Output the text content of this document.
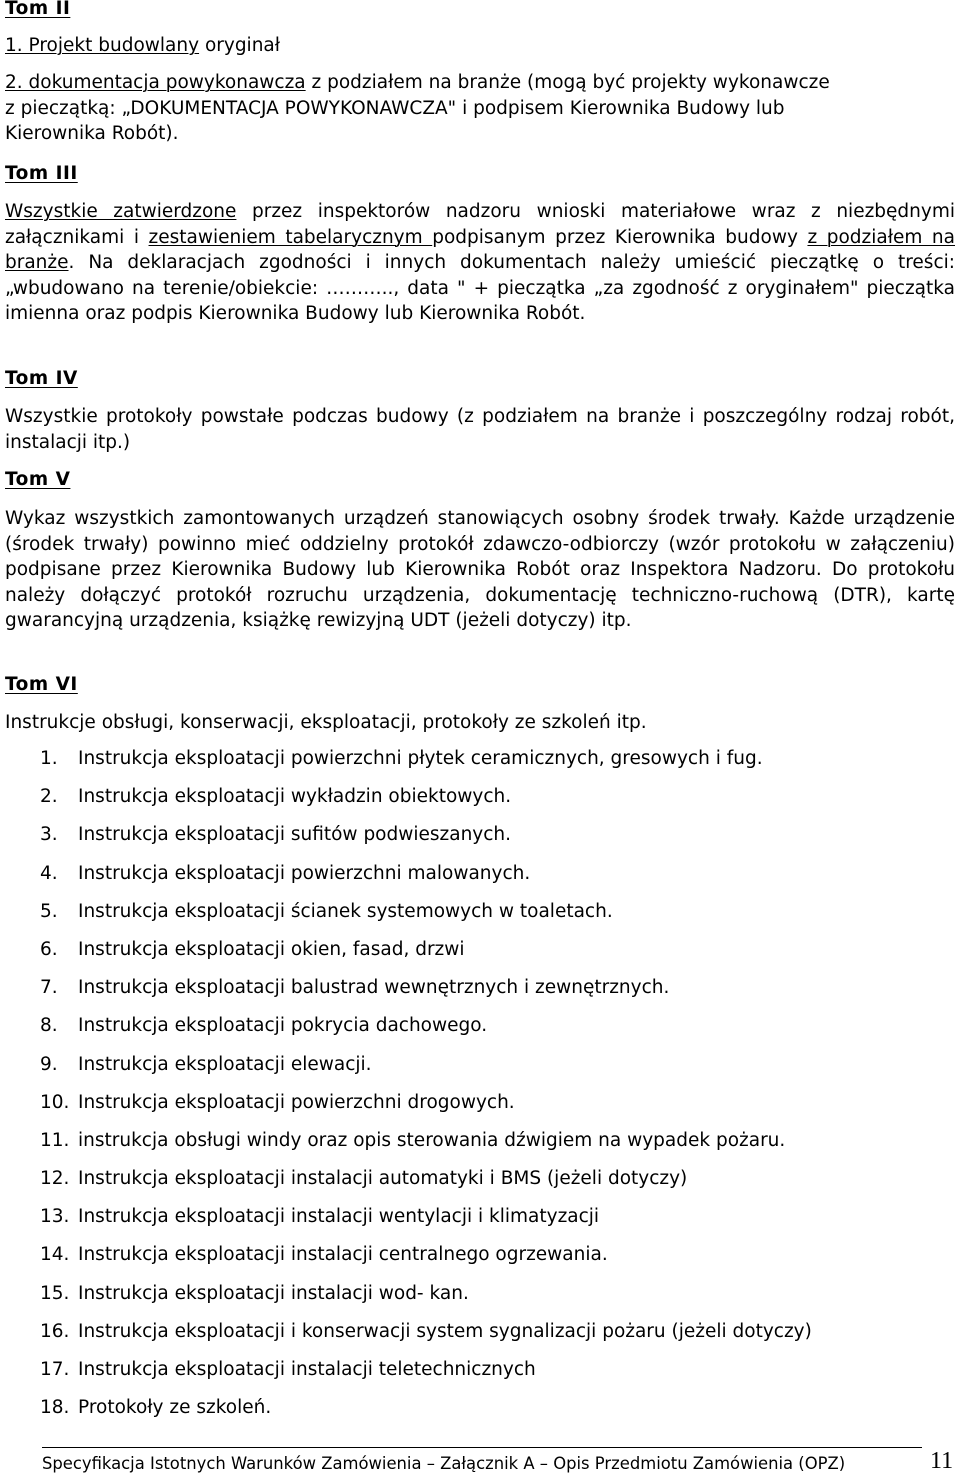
Tom II
1. Projekt budowlany oryginał
2. dokumentacja powykonawcza z podziałem na branże (mogą być projekty wykonawcze
z pieczątką: „DOKUMENTACJA POWYKONAWCZA" i podpisem Kierownika Budowy lub
Kierownika Robót).
Tom III

Wszystkie zatwierdzone przez inspektorów nadzoru wnioski materiałowe wraz z niezbędnymi załącznikami i zestawieniem tabelarycznym podpisanym przez Kierownika budowy z podziałem na branże. Na deklaracjach zgodności i innych dokumentach należy umieścić pieczątkę o treści: „wbudowano na terenie/obiekcie: ……….., data " + pieczątka „za zgodność z oryginałem" pieczątka imienna oraz podpis Kierownika Budowy lub Kierownika Robót.

Tom IV

Wszystkie protokoły powstałe podczas budowy (z podziałem na branże i poszczególny rodzaj robót, instalacji itp.)

Tom V

Wykaz wszystkich zamontowanych urządzeń stanowiących osobny środek trwały. Każde urządzenie (środek trwały) powinno mieć oddzielny protokół zdawczo-odbiorczy (wzór protokołu w załączeniu) podpisane przez Kierownika Budowy lub Kierownika Robót oraz Inspektora Nadzoru. Do protokołu należy dołączyć protokół rozruchu urządzenia, dokumentację techniczno-ruchową (DTR), kartę gwarancyjną urządzenia, książkę rewizyjną UDT (jeżeli dotyczy) itp.

Tom VI
Instrukcje obsługi, konserwacji, eksploatacji, protokoły ze szkoleń itp.
1. Instrukcja eksploatacji powierzchni płytek ceramicznych, gresowych i fug.
2. Instrukcja eksploatacji wykładzin obiektowych.
3. Instrukcja eksploatacji sufitów podwieszanych.
4. Instrukcja eksploatacji powierzchni malowanych.
5. Instrukcja eksploatacji ścianek systemowych w toaletach.
6. Instrukcja eksploatacji okien, fasad, drzwi
7. Instrukcja eksploatacji balustrad wewnętrznych i zewnętrznych.
8. Instrukcja eksploatacji pokrycia dachowego.
9. Instrukcja eksploatacji elewacji.
10. Instrukcja eksploatacji powierzchni drogowych.
11. instrukcja obsługi windy oraz opis sterowania dźwigiem na wypadek pożaru.
12. Instrukcja eksploatacji instalacji automatyki i BMS (jeżeli dotyczy)
13. Instrukcja eksploatacji instalacji wentylacji i klimatyzacji
14. Instrukcja eksploatacji instalacji centralnego ogrzewania.
15. Instrukcja eksploatacji instalacji wod- kan.
16. Instrukcja eksploatacji i konserwacji system sygnalizacji pożaru (jeżeli dotyczy)
17. Instrukcja eksploatacji instalacji teletechnicznych
18. Protokoły ze szkoleń.
Specyfikacja Istotnych Warunków Zamówienia – Załącznik A – Opis Przedmiotu Zamówienia (OPZ)	11
